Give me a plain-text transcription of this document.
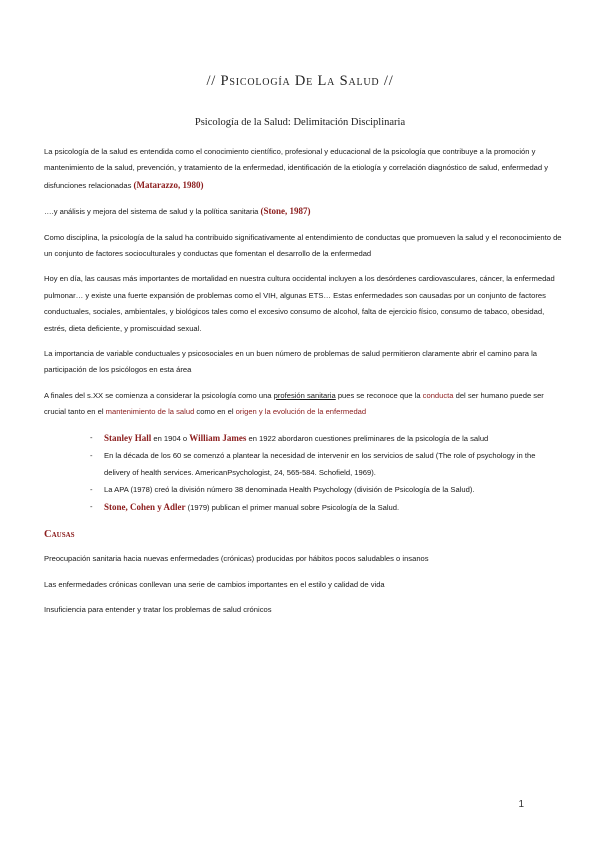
// Psicología De La Salud //
Psicología de la Salud: Delimitación Disciplinaria

La psicología de la salud es entendida como el conocimiento científico, profesional y educacional de la psicología que contribuye a la promoción y mantenimiento de la salud, prevención, y tratamiento de la enfermedad, identificación de la etiología y correlación diagnóstico de salud, enfermedad y disfunciones relacionadas (Matarazzo, 1980)

….y análisis y mejora del sistema de salud y la política sanitaria (Stone, 1987)

Como disciplina, la psicología de la salud ha contribuido significativamente al entendimiento de conductas que promueven la salud y el reconocimiento de un conjunto de factores socioculturales y conductas que fomentan el desarrollo de la enfermedad

Hoy en día, las causas más importantes de mortalidad en nuestra cultura occidental incluyen a los desórdenes cardiovasculares, cáncer, la enfermedad pulmonar… y existe una fuerte expansión de problemas como el VIH, algunas ETS… Estas enfermedades son causadas por un conjunto de factores conductuales, sociales, ambientales, y biológicos tales como el excesivo consumo de alcohol, falta de ejercicio físico, consumo de tabaco, obesidad, estrés, dieta deficiente, y promiscuidad sexual.

La importancia de variable conductuales y psicosociales en un buen número de problemas de salud permitieron claramente abrir el camino para la participación de los psicólogos en esta área

A finales del s.XX se comienza a considerar la psicología como una profesión sanitaria pues se reconoce que la conducta del ser humano puede ser crucial tanto en el mantenimiento de la salud como en el origen y la evolución de la enfermedad

- Stanley Hall en 1904 o William James en 1922 abordaron cuestiones preliminares de la psicología de la salud
- En la década de los 60 se comenzó a plantear la necesidad de intervenir en los servicios de salud (The role of psychology in the delivery of health services. AmericanPsychologist, 24, 565-584. Schofield, 1969).
- La APA (1978) creó la división número 38 denominada Health Psychology (división de Psicología de la Salud).
- Stone, Cohen y Adler (1979) publican el primer manual sobre Psicología de la Salud.
Causas

Preocupación sanitaria hacia nuevas enfermedades (crónicas) producidas por hábitos pocos saludables o insanos

Las enfermedades crónicas conllevan una serie de cambios importantes en el estilo y calidad de vida

Insuficiencia para entender y tratar los problemas de salud crónicos

1
